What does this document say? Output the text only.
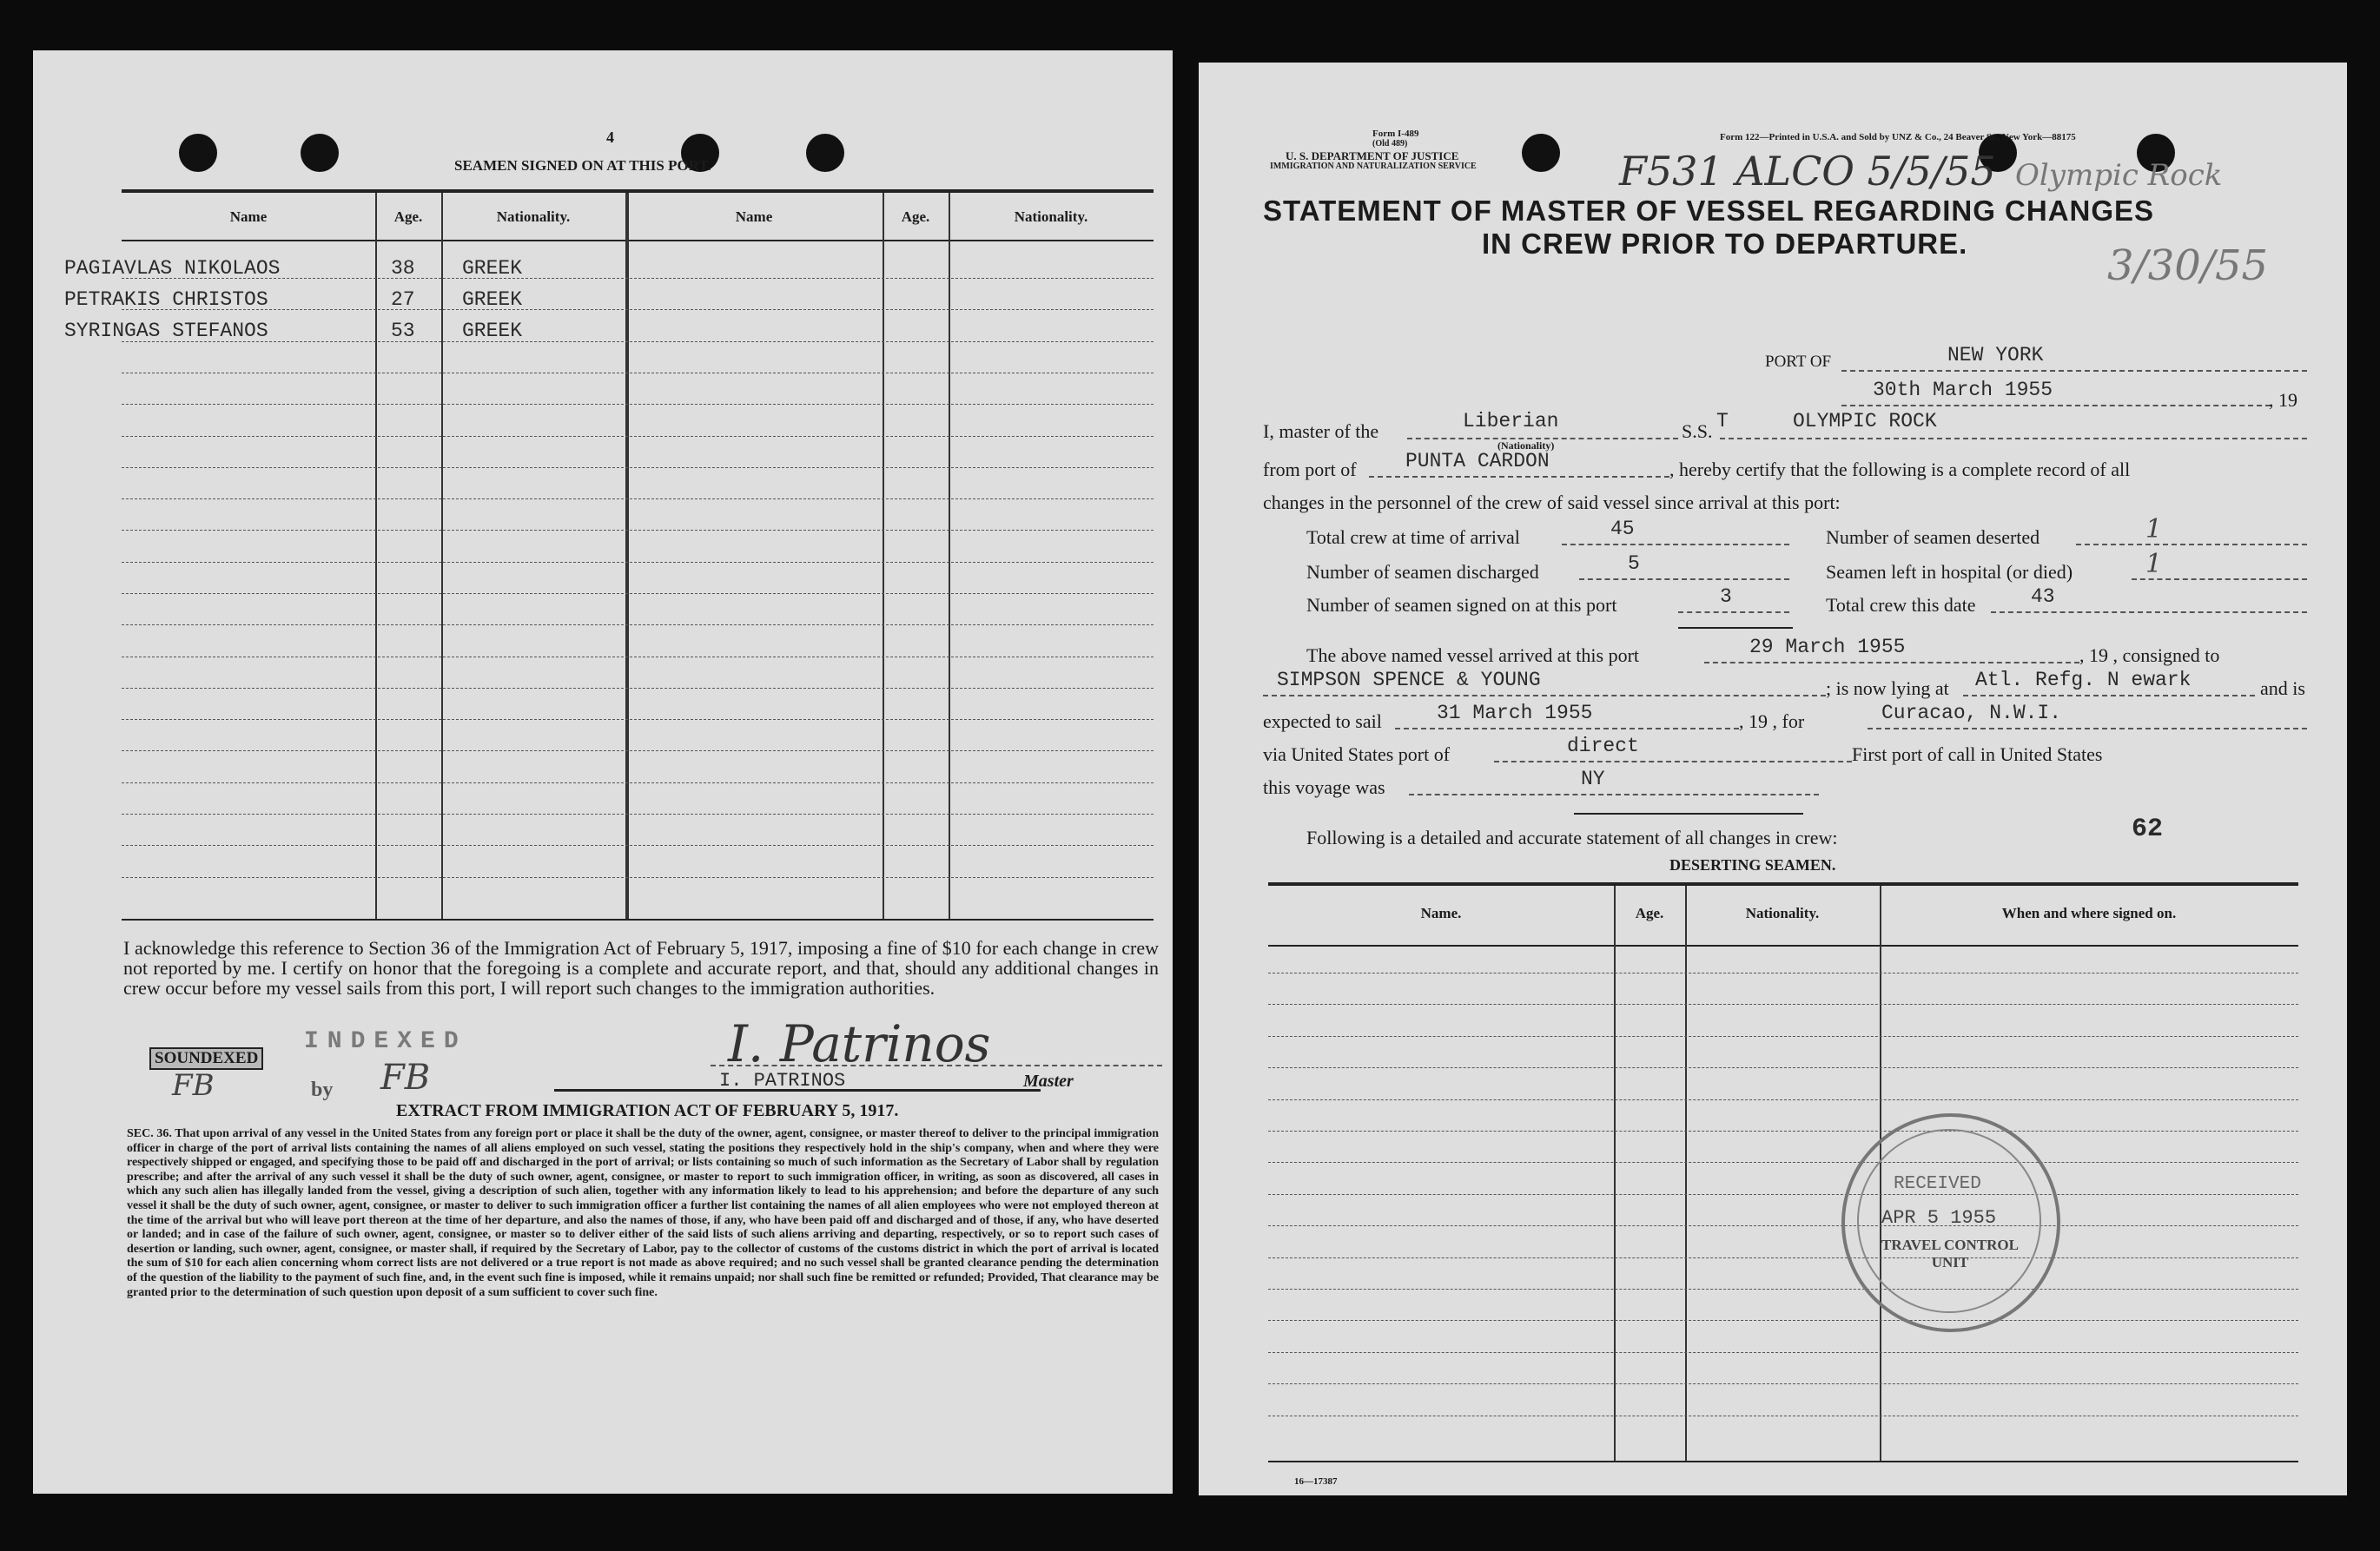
4
SEAMEN SIGNED ON AT THIS PORT.
Name	Age.	Nationality.	Name	Age.	Nationality.
PAGIAVLAS NIKOLAOS	38 GREEK
PETRAKIS CHRISTOS	27 GREEK
SYRINGAS STEFANOS	53 GREEK
I acknowledge this reference to Section 36 of the Immigration Act of February 5, 1917, imposing a fine of $10 for each change in crew not reported by me. I certify on honor that the foregoing is a complete and accurate report, and that, should any additional changes in crew occur before my vessel sails from this port, I will report such changes to the immigration authorities.
SOUNDEXED
FB
INDEXED
by FB
I. Patrinos
I. PATRINOS	Master
EXTRACT FROM IMMIGRATION ACT OF FEBRUARY 5, 1917.
SEC. 36. That upon arrival of any vessel in the United States from any foreign port or place it shall be the duty of the owner, agent, consignee, or master thereof to deliver to the principal immigration officer in charge of the port of arrival lists containing the names of all aliens employed on such vessel, stating the positions they respectively hold in the ship's company, when and where they were respectively shipped or engaged, and specifying those to be paid off and discharged in the port of arrival; or lists containing so much of such information as the Secretary of Labor shall by regulation prescribe; and after the arrival of any such vessel it shall be the duty of such owner, agent, consignee, or master to report to such immigration officer, in writing, as soon as discovered, all cases in which any such alien has illegally landed from the vessel, giving a description of such alien, together with any information likely to lead to his apprehension; and before the departure of any such vessel it shall be the duty of such owner, agent, consignee, or master to deliver to such immigration officer a further list containing the names of all alien employees who were not employed thereon at the time of the arrival but who will leave port thereon at the time of her departure, and also the names of those, if any, who have been paid off and discharged and of those, if any, who have deserted or landed; and in case of the failure of such owner, agent, consignee, or master so to deliver either of the said lists of such aliens arriving and departing, respectively, or so to report such cases of desertion or landing, such owner, agent, consignee, or master shall, if required by the Secretary of Labor, pay to the collector of customs of the customs district in which the port of arrival is located the sum of $10 for each alien concerning whom correct lists are not delivered or a true report is not made as above required; and no such vessel shall be granted clearance pending the determination of the question of the liability to the payment of such fine, and, in the event such fine is imposed, while it remains unpaid; nor shall such fine be remitted or refunded; Provided, That clearance may be granted prior to the determination of such question upon deposit of a sum sufficient to cover such fine.
Form I-489
(Old 489)
U. S. DEPARTMENT OF JUSTICE
IMMIGRATION AND NATURALIZATION SERVICE
Form 122—Printed in U.S.A. and Sold by UNZ & Co., 24 Beaver St., New York—88175
F531 ALCO 5/5/55 Olympic Rock
3/30/55
STATEMENT OF MASTER OF VESSEL REGARDING CHANGES
IN CREW PRIOR TO DEPARTURE.
PORT OF	NEW YORK
30th March 1955	, 19
I, master of the	Liberian
(Nationality)
S.S. T	OLYMPIC ROCK
from port of PUNTA CARDON	, hereby certify that the following is a complete record of all
changes in the personnel of the crew of said vessel since arrival at this port:
Total crew at time of arrival	45	Number of seamen deserted	1
Number of seamen discharged	5	Seamen left in hospital (or died)	1
Number of seamen signed on at this port	3	Total crew this date	43
The above named vessel arrived at this port	29 March 1955	, 19 , consigned to
SIMPSON SPENCE & YOUNG	; is now lying at Atl. Refg. N ewark	and is
expected to sail	31 March 1955	, 19 , for	Curacao, N.W.I.
via United States port of	direct	First port of call in United States
this voyage was	NY
Following is a detailed and accurate statement of all changes in crew:	62
DESERTING SEAMEN.
Name.	Age.	Nationality.	When and where signed on.
RECEIVED
APR 5 1955
TRAVEL CONTROL UNIT
16—17387
